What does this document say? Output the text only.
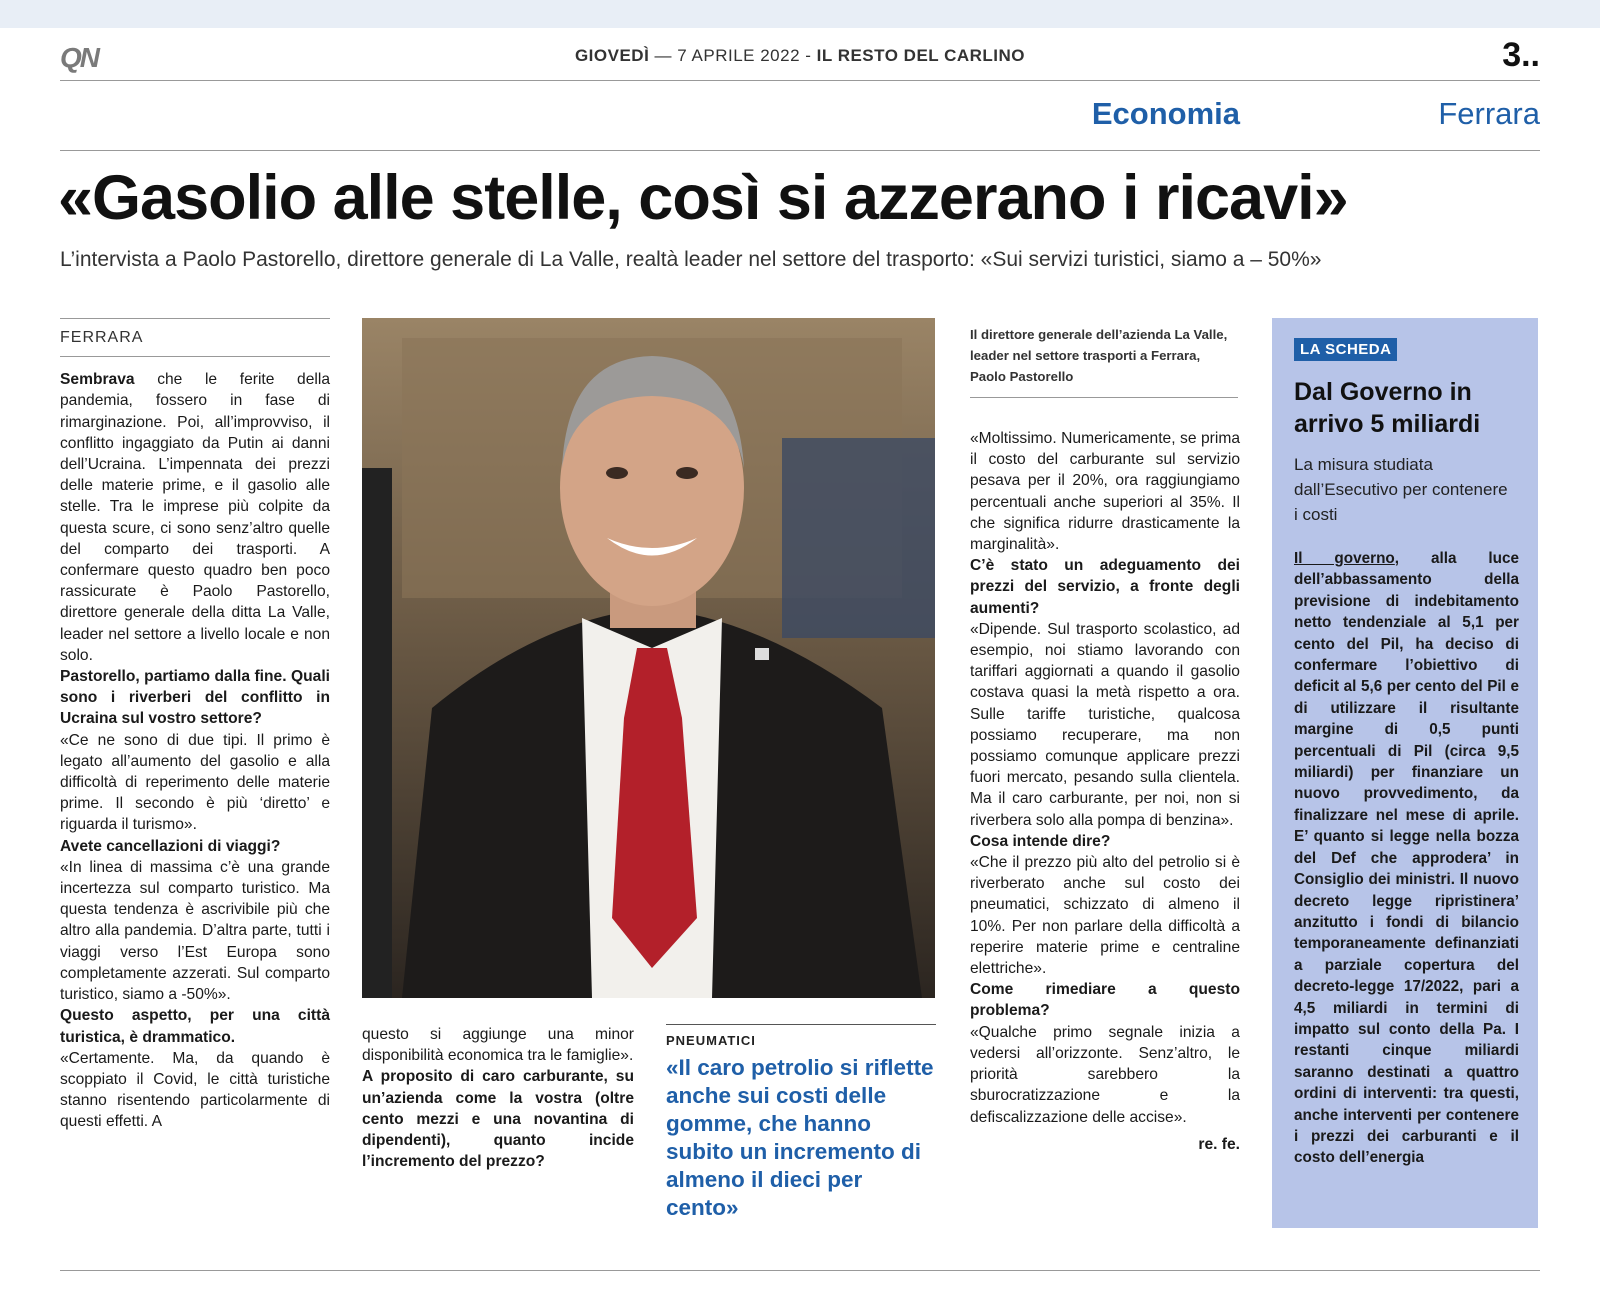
QN	GIOVEDÌ — 7 APRILE 2022 - IL RESTO DEL CARLINO	3..
Economia	Ferrara
«Gasolio alle stelle, così si azzerano i ricavi»
L’intervista a Paolo Pastorello, direttore generale di La Valle, realtà leader nel settore del trasporto: «Sui servizi turistici, siamo a – 50%»
FERRARA

Sembrava che le ferite della pandemia, fossero in fase di rimarginazione. Poi, all’improvviso, il conflitto ingaggiato da Putin ai danni dell’Ucraina. L’impennata dei prezzi delle materie prime, e il gasolio alle stelle. Tra le imprese più colpite da questa scure, ci sono senz’altro quelle del comparto dei trasporti. A confermare questo quadro ben poco rassicurate è Paolo Pastorello, direttore generale della ditta La Valle, leader nel settore a livello locale e non solo.

Pastorello, partiamo dalla fine. Quali sono i riverberi del conflitto in Ucraina sul vostro settore?

«Ce ne sono di due tipi. Il primo è legato all’aumento del gasolio e alla difficoltà di reperimento delle materie prime. Il secondo è più ‘diretto’ e riguarda il turismo».

Avete cancellazioni di viaggi?

«In linea di massima c’è una grande incertezza sul comparto turistico. Ma questa tendenza è ascrivibile più che altro alla pandemia. D’altra parte, tutti i viaggi verso l’Est Europa sono completamente azzerati. Sul comparto turistico, siamo a -50%».

Questo aspetto, per una città turistica, è drammatico.

«Certamente. Ma, da quando è scoppiato il Covid, le città turistiche stanno risentendo particolarmente di questi effetti. A

questo si aggiunge una minor disponibilità economica tra le famiglie».

A proposito di caro carburante, su un’azienda come la vostra (oltre cento mezzi e una novantina di dipendenti), quanto incide l’incremento del prezzo?

PNEUMATICI
«Il caro petrolio si riflette anche sui costi delle gomme, che hanno subito un incremento di almeno il dieci per cento»
Il direttore generale dell’azienda La Valle, leader nel settore trasporti a Ferrara, Paolo Pastorello

«Moltissimo. Numericamente, se prima il costo del carburante sul servizio pesava per il 20%, ora raggiungiamo percentuali anche superiori al 35%. Il che significa ridurre drasticamente la marginalità».

C’è stato un adeguamento dei prezzi del servizio, a fronte degli aumenti?

«Dipende. Sul trasporto scolastico, ad esempio, noi stiamo lavorando con tariffari aggiornati a quando il gasolio costava quasi la metà rispetto a ora. Sulle tariffe turistiche, qualcosa possiamo recuperare, ma non possiamo comunque applicare prezzi fuori mercato, pesando sulla clientela. Ma il caro carburante, per noi, non si riverbera solo alla pompa di benzina».

Cosa intende dire?

«Che il prezzo più alto del petrolio si è riverberato anche sul costo dei pneumatici, schizzato di almeno il 10%. Per non parlare della difficoltà a reperire materie prime e centraline elettriche».

Come rimediare a questo problema?

«Qualche primo segnale inizia a vedersi all’orizzonte. Senz’altro, le priorità sarebbero la sburocratizzazione e la defiscalizzazione delle accise».

re. fe.
LA SCHEDA
Dal Governo in arrivo 5 miliardi
La misura studiata dall’Esecutivo per contenere i costi
Il governo, alla luce dell’abbassamento della previsione di indebitamento netto tendenziale al 5,1 per cento del Pil, ha deciso di confermare l’obiettivo di deficit al 5,6 per cento del Pil e di utilizzare il risultante margine di 0,5 punti percentuali di Pil (circa 9,5 miliardi) per finanziare un nuovo provvedimento, da finalizzare nel mese di aprile. E’ quanto si legge nella bozza del Def che approdera’ in Consiglio dei ministri. Il nuovo decreto legge ripristinera’ anzitutto i fondi di bilancio temporaneamente definanziati a parziale copertura del decreto-legge 17/2022, pari a 4,5 miliardi in termini di impatto sul conto della Pa. I restanti cinque miliardi saranno destinati a quattro ordini di interventi: tra questi, anche interventi per contenere i prezzi dei carburanti e il costo dell’energia
